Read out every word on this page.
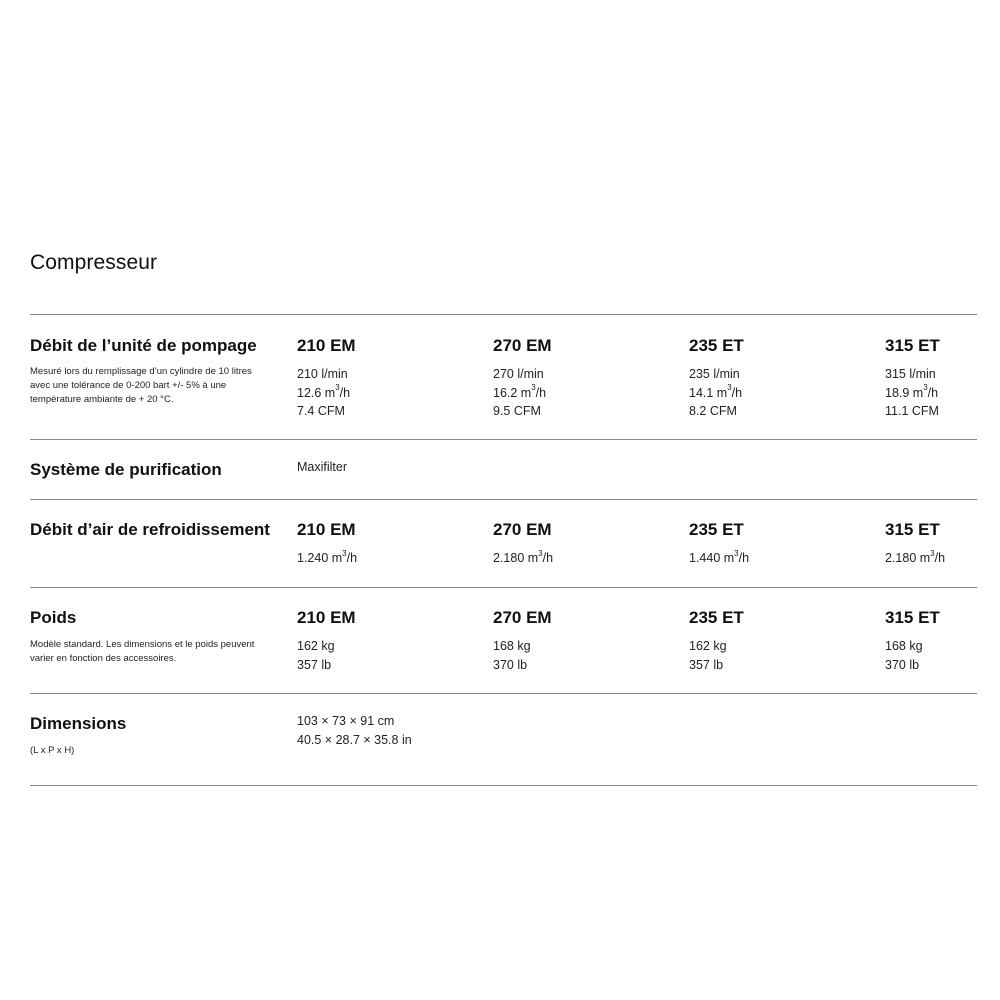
Compresseur
Débit de l’unité de pompage
Mesuré lors du remplissage d’un cylindre de 10 litres avec une tolérance de 0-200 bart +/- 5% à une température ambiante de + 20 °C.
210 EM
210 l/min
12.6 $m^3/h$
7.4 CFM
270 EM
270 l/min
16.2 $m^3/h$
9.5 CFM
235 ET
235 l/min
14.1 $m^3/h$
8.2 CFM
315 ET
315 l/min
18.9 $m^3/h$
11.1 CFM
Système de purification	Maxifilter
Débit d’air de refroidissement 210 EM
1.240 $m^3/h$
270 EM
2.180 $m^3/h$
235 ET
1.440 $m^3/h$
315 ET
2.180 $m^3/h$
Poids
Modèle standard. Les dimensions et le poids peuvent varier en fonction des accessoires.
210 EM
162 kg
357 lb
270 EM
168 kg
370 lb
235 ET
162 kg
357 lb
315 ET
168 kg
370 lb
Dimensions
(L x P x H)
103 × 73 × 91 cm
40.5 × 28.7 × 35.8 in
